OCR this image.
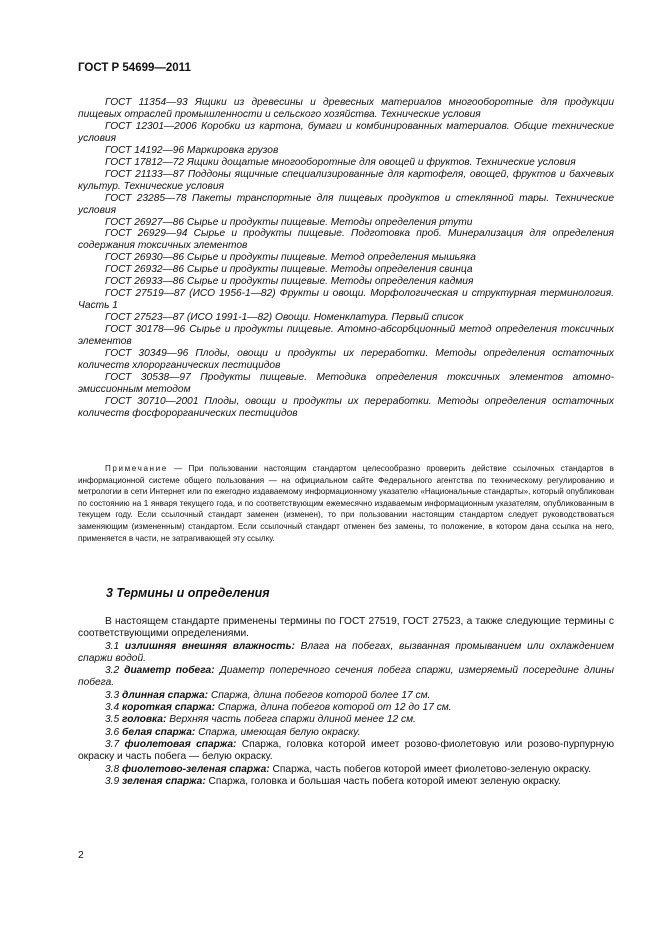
ГОСТ Р 54699—2011

ГОСТ 11354—93 Ящики из древесины и древесных материалов многооборотные для продукции пищевых отраслей промышленности и сельского хозяйства. Технические условия

ГОСТ 12301—2006 Коробки из картона, бумаги и комбинированных материалов. Общие технические условия

ГОСТ 14192—96 Маркировка грузов

ГОСТ 17812—72 Ящики дощатые многооборотные для овощей и фруктов. Технические условия

ГОСТ 21133—87 Поддоны ящичные специализированные для картофеля, овощей, фруктов и бахчевых культур. Технические условия

ГОСТ 23285—78 Пакеты транспортные для пищевых продуктов и стеклянной тары. Технические условия

ГОСТ 26927—86 Сырье и продукты пищевые. Методы определения ртути

ГОСТ 26929—94 Сырье и продукты пищевые. Подготовка проб. Минерализация для определения содержания токсичных элементов

ГОСТ 26930—86 Сырье и продукты пищевые. Метод определения мышьяка

ГОСТ 26932—86 Сырье и продукты пищевые. Методы определения свинца

ГОСТ 26933—86 Сырье и продукты пищевые. Методы определения кадмия

ГОСТ 27519—87 (ИСО 1956-1—82) Фрукты и овощи. Морфологическая и структурная терминология. Часть 1

ГОСТ 27523—87 (ИСО 1991-1—82) Овощи. Номенклатура. Первый список

ГОСТ 30178—96 Сырье и продукты пищевые. Атомно-абсорбционный метод определения токсичных элементов

ГОСТ 30349—96 Плоды, овощи и продукты их переработки. Методы определения остаточных количеств хлорорганических пестицидов

ГОСТ 30538—97 Продукты пищевые. Методика определения токсичных элементов атомно-эмиссионным методом

ГОСТ 30710—2001 Плоды, овощи и продукты их переработки. Методы определения остаточных количеств фосфорорганических пестицидов

Примечание — При пользовании настоящим стандартом целесообразно проверить действие ссылочных стандартов в информационной системе общего пользования — на официальном сайте Федерального агентства по техническому регулированию и метрологии в сети Интернет или по ежегодно издаваемому информационному указателю «Национальные стандарты», который опубликован по состоянию на 1 января текущего года, и по соответствующим ежемесячно издаваемым информационным указателям, опубликованным в текущем году. Если ссылочный стандарт заменен (изменен), то при пользовании настоящим стандартом следует руководствоваться заменяющим (измененным) стандартом. Если ссылочный стандарт отменен без замены, то положение, в котором дана ссылка на него, применяется в части, не затрагивающей эту ссылку.

3 Термины и определения

В настоящем стандарте применены термины по ГОСТ 27519, ГОСТ 27523, а также следующие термины с соответствующими определениями.

3.1 излишняя внешняя влажность: Влага на побегах, вызванная промыванием или охлаждением спаржи водой.

3.2 диаметр побега: Диаметр поперечного сечения побега спаржи, измеряемый посередине длины побега.

3.3 длинная спаржа: Спаржа, длина побегов которой более 17 см.

3.4 короткая спаржа: Спаржа, длина побегов которой от 12 до 17 см.

3.5 головка: Верхняя часть побега спаржи длиной менее 12 см.

3.6 белая спаржа: Спаржа, имеющая белую окраску.

3.7 фиолетовая спаржа: Спаржа, головка которой имеет розово-фиолетовую или розово-пурпурную окраску и часть побега — белую окраску.

3.8 фиолетово-зеленая спаржа: Спаржа, часть побегов которой имеет фиолетово-зеленую окраску.

3.9 зеленая спаржа: Спаржа, головка и большая часть побега которой имеют зеленую окраску.

2
